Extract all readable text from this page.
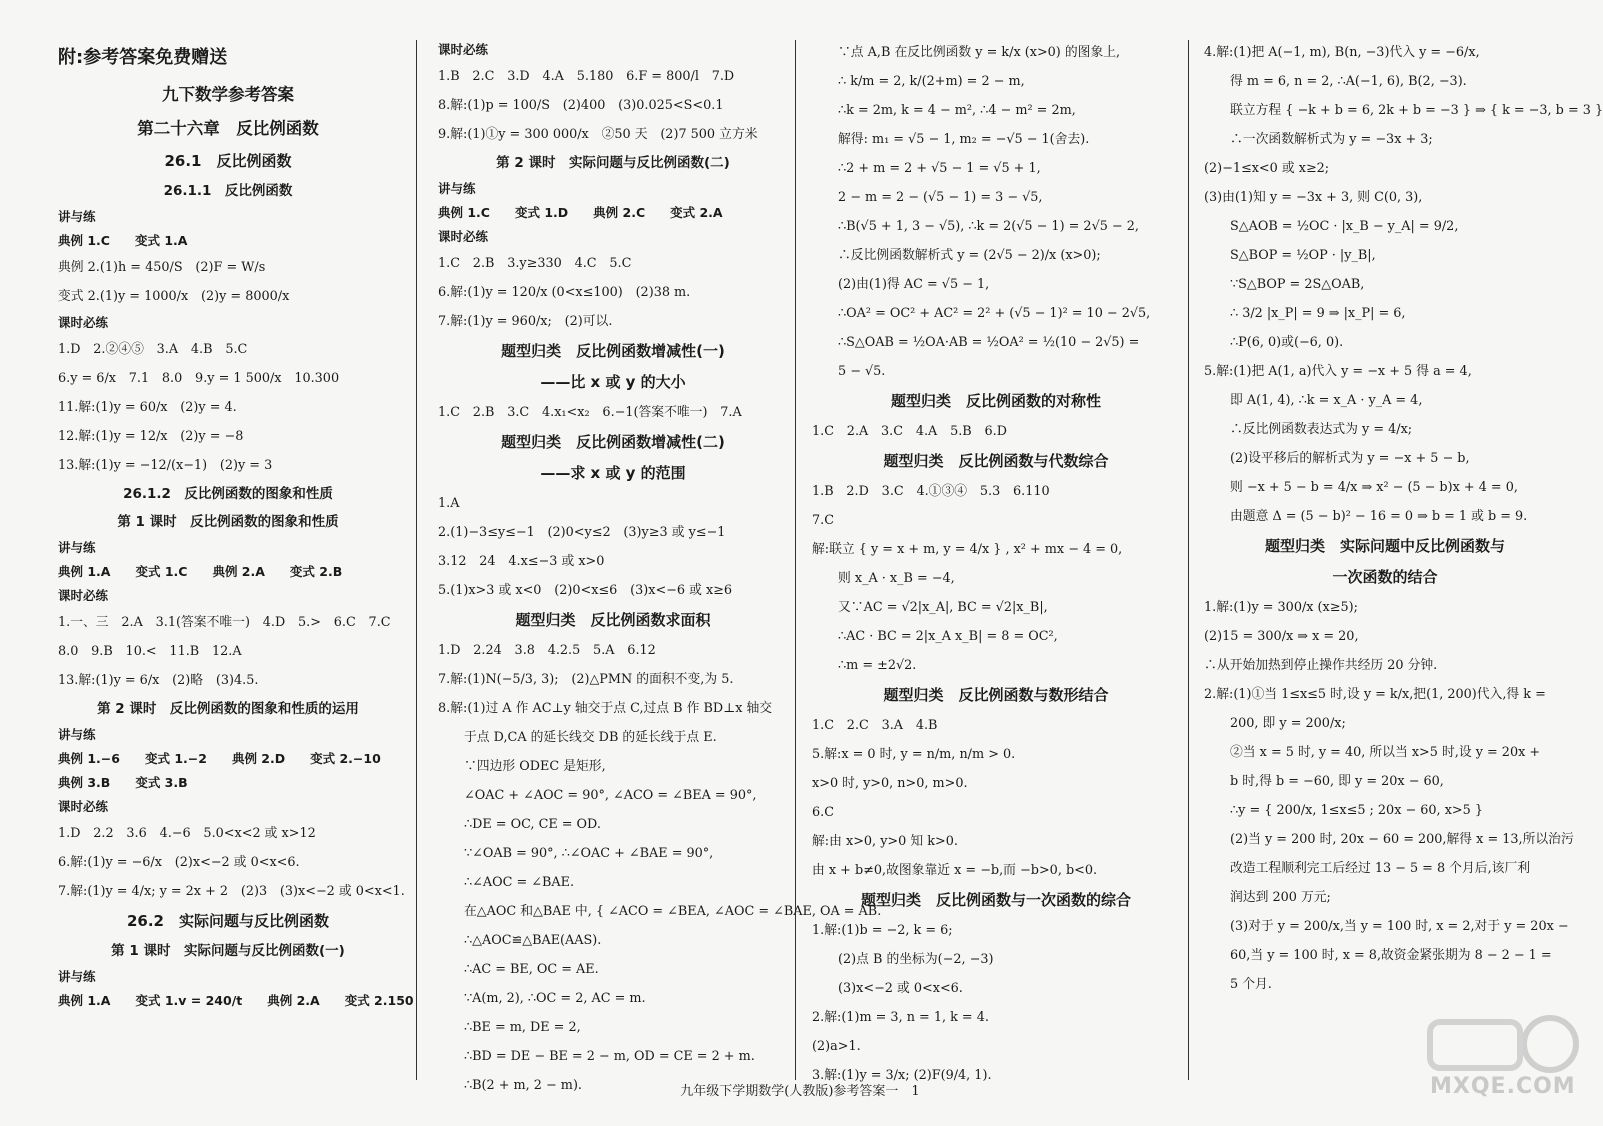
附:参考答案免费赠送
九下数学参考答案
第二十六章　反比例函数
26.1　反比例函数
26.1.1　反比例函数
讲与练
典例 1.C　　变式 1.A
典例 2.(1)h = 450/S　(2)F = W/s
变式 2.(1)y = 1000/x　(2)y = 8000/x
课时必练
1.D　2.②④⑤　3.A　4.B　5.C
6.y = 6/x　7.1　8.0　9.y = 1 500/x　10.300
11.解:(1)y = 60/x　(2)y = 4.
12.解:(1)y = 12/x　(2)y = −8
13.解:(1)y = −12/(x−1)　(2)y = 3
26.1.2　反比例函数的图象和性质
第 1 课时　反比例函数的图象和性质
讲与练
典例 1.A　　变式 1.C　　典例 2.A　　变式 2.B
课时必练
1.一、三　2.A　3.1(答案不唯一)　4.D　5.>　6.C　7.C
8.0　9.B　10.<　11.B　12.A
13.解:(1)y = 6/x　(2)略　(3)4.5.
第 2 课时　反比例函数的图象和性质的运用
讲与练
典例 1.−6　　变式 1.−2　　典例 2.D　　变式 2.−10
典例 3.B　　变式 3.B
课时必练
1.D　2.2　3.6　4.−6　5.0<x<2 或 x>12
6.解:(1)y = −6/x　(2)x<−2 或 0<x<6.
7.解:(1)y = 4/x; y = 2x + 2　(2)3　(3)x<−2 或 0<x<1.
26.2　实际问题与反比例函数
第 1 课时　实际问题与反比例函数(一)
讲与练
典例 1.A　　变式 1.v = 240/t　　典例 2.A　　变式 2.150
课时必练
1.B　2.C　3.D　4.A　5.180　6.F = 800/l　7.D
8.解:(1)p = 100/S　(2)400　(3)0.025<S<0.1
9.解:(1)①y = 300 000/x　②50 天　(2)7 500 立方米
第 2 课时　实际问题与反比例函数(二)
讲与练
典例 1.C　　变式 1.D　　典例 2.C　　变式 2.A
课时必练
1.C　2.B　3.y≥330　4.C　5.C
6.解:(1)y = 120/x (0<x≤100)　(2)38 m.
7.解:(1)y = 960/x;　(2)可以.
题型归类　反比例函数增减性(一)
——比 x 或 y 的大小
1.C　2.B　3.C　4.x₁<x₂　6.−1(答案不唯一)　7.A
题型归类　反比例函数增减性(二)
——求 x 或 y 的范围
1.A
2.(1)−3≤y≤−1　(2)0<y≤2　(3)y≥3 或 y≤−1
3.12　24　4.x≤−3 或 x>0
5.(1)x>3 或 x<0　(2)0<x≤6　(3)x<−6 或 x≥6
题型归类　反比例函数求面积
1.D　2.24　3.8　4.2.5　5.A　6.12
7.解:(1)N(−5/3, 3);　(2)△PMN 的面积不变,为 5.
8.解:(1)过 A 作 AC⊥y 轴交于点 C,过点 B 作 BD⊥x 轴交
于点 D,CA 的延长线交 DB 的延长线于点 E.
∵四边形 ODEC 是矩形,
∠OAC + ∠AOC = 90°, ∠ACO = ∠BEA = 90°,
∴DE = OC, CE = OD.
∵∠OAB = 90°, ∴∠OAC + ∠BAE = 90°,
∴∠AOC = ∠BAE.
在△AOC 和△BAE 中, { ∠ACO = ∠BEA, ∠AOC = ∠BAE, OA = AB.
∴△AOC≌△BAE(AAS).
∴AC = BE, OC = AE.
∵A(m, 2), ∴OC = 2, AC = m.
∴BE = m, DE = 2,
∴BD = DE − BE = 2 − m, OD = CE = 2 + m.
∴B(2 + m, 2 − m).
∵点 A,B 在反比例函数 y = k/x (x>0) 的图象上,
∴ k/m = 2, k/(2+m) = 2 − m,
∴k = 2m, k = 4 − m², ∴4 − m² = 2m,
解得: m₁ = √5 − 1, m₂ = −√5 − 1(舍去).
∴2 + m = 2 + √5 − 1 = √5 + 1,
2 − m = 2 − (√5 − 1) = 3 − √5,
∴B(√5 + 1, 3 − √5), ∴k = 2(√5 − 1) = 2√5 − 2,
∴反比例函数解析式 y = (2√5 − 2)/x (x>0);
(2)由(1)得 AC = √5 − 1,
∴OA² = OC² + AC² = 2² + (√5 − 1)² = 10 − 2√5,
∴S△OAB = ½OA·AB = ½OA² = ½(10 − 2√5) =
5 − √5.
题型归类　反比例函数的对称性
1.C　2.A　3.C　4.A　5.B　6.D
题型归类　反比例函数与代数综合
1.B　2.D　3.C　4.①③④　5.3　6.110
7.C
解:联立 { y = x + m, y = 4/x } , x² + mx − 4 = 0,
则 x_A · x_B = −4,
又∵AC = √2|x_A|, BC = √2|x_B|,
∴AC · BC = 2|x_A x_B| = 8 = OC²,
∴m = ±2√2.
题型归类　反比例函数与数形结合
1.C　2.C　3.A　4.B
5.解:x = 0 时, y = n/m, n/m > 0.
x>0 时, y>0, n>0, m>0.
6.C
解:由 x>0, y>0 知 k>0.
由 x + b≠0,故图象靠近 x = −b,而 −b>0, b<0.
题型归类　反比例函数与一次函数的综合
1.解:(1)b = −2, k = 6;
(2)点 B 的坐标为(−2, −3)
(3)x<−2 或 0<x<6.
2.解:(1)m = 3, n = 1, k = 4.
(2)a>1.
3.解:(1)y = 3/x; (2)F(9/4, 1).
4.解:(1)把 A(−1, m), B(n, −3)代入 y = −6/x,
得 m = 6, n = 2, ∴A(−1, 6), B(2, −3).
联立方程 { −k + b = 6, 2k + b = −3 } ⇒ { k = −3, b = 3 }
∴一次函数解析式为 y = −3x + 3;
(2)−1≤x<0 或 x≥2;
(3)由(1)知 y = −3x + 3, 则 C(0, 3),
S△AOB = ½OC · |x_B − y_A| = 9/2,
S△BOP = ½OP · |y_B|,
∵S△BOP = 2S△OAB,
∴ 3/2 |x_P| = 9 ⇒ |x_P| = 6,
∴P(6, 0)或(−6, 0).
5.解:(1)把 A(1, a)代入 y = −x + 5 得 a = 4,
即 A(1, 4), ∴k = x_A · y_A = 4,
∴反比例函数表达式为 y = 4/x;
(2)设平移后的解析式为 y = −x + 5 − b,
则 −x + 5 − b = 4/x ⇒ x² − (5 − b)x + 4 = 0,
由题意 Δ = (5 − b)² − 16 = 0 ⇒ b = 1 或 b = 9.
题型归类　实际问题中反比例函数与
一次函数的结合
1.解:(1)y = 300/x (x≥5);
(2)15 = 300/x ⇒ x = 20,
∴从开始加热到停止操作共经历 20 分钟.
2.解:(1)①当 1≤x≤5 时,设 y = k/x,把(1, 200)代入,得 k =
200, 即 y = 200/x;
②当 x = 5 时, y = 40, 所以当 x>5 时,设 y = 20x +
b 时,得 b = −60, 即 y = 20x − 60,
∴y = { 200/x, 1≤x≤5 ; 20x − 60, x>5 }
(2)当 y = 200 时, 20x − 60 = 200,解得 x = 13,所以治污
改造工程顺利完工后经过 13 − 5 = 8 个月后,该厂利
润达到 200 万元;
(3)对于 y = 200/x,当 y = 100 时, x = 2,对于 y = 20x −
60,当 y = 100 时, x = 8,故资金紧张期为 8 − 2 − 1 =
5 个月.
九年级下学期数学(人教版)参考答案一　1	MXQE.COM
